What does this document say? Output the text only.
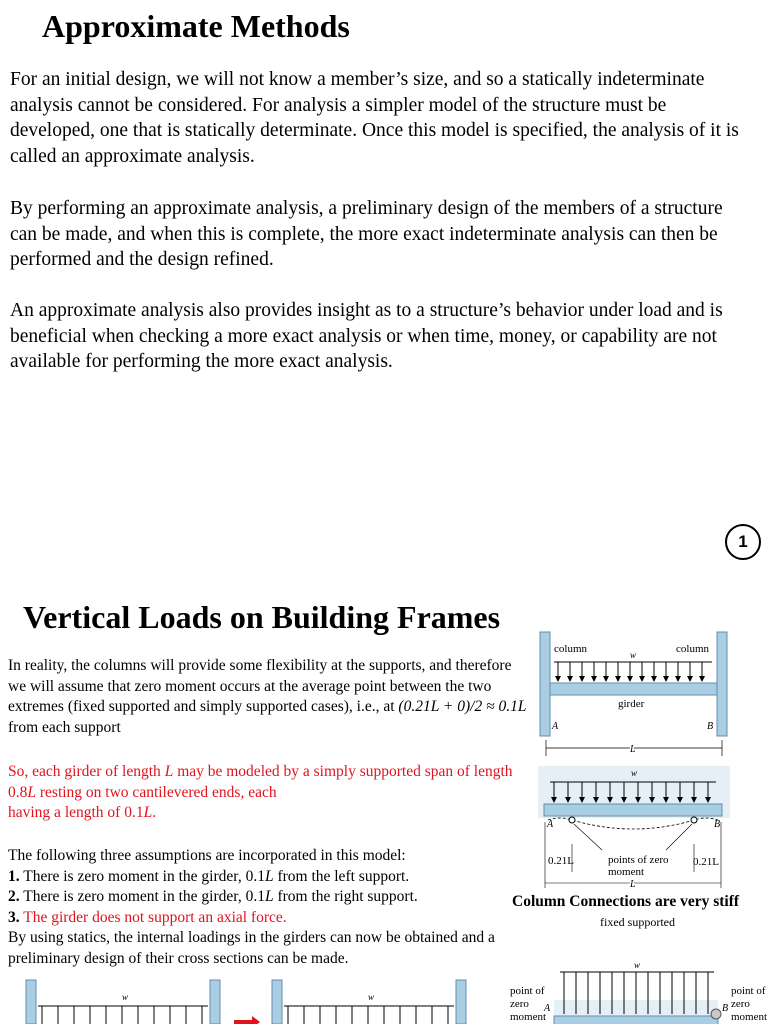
Approximate Methods
For an initial design, we will not know a member’s size, and so a statically indeterminate analysis cannot be considered. For analysis a simpler model of the structure must be developed, one that is statically determinate. Once this model is specified, the analysis of it is called an approximate analysis.
By performing an approximate analysis, a preliminary design of the members of a structure can be made, and when this is complete, the more exact indeterminate analysis can then be performed and the design refined.
An approximate analysis also provides insight as to a structure’s behavior under load and is beneficial when checking a more exact analysis or when time, money, or capability are not available for performing the more exact analysis.
1
Vertical Loads on Building Frames
In reality, the columns will provide some flexibility at the supports, and therefore we will assume that zero moment occurs at the average point between the two extremes (fixed supported and simply supported cases), i.e., at (0.21L + 0)/2 ≈ 0.1L from each support
So, each girder of length L may be modeled by a simply supported span of length 0.8L resting on two cantilevered ends, each
having a length of 0.1L.
The following three assumptions are incorporated in this model:
1. There is zero moment in the girder, 0.1L from the left support.
2. There is zero moment in the girder, 0.1L from the right support.
3. The girder does not support an axial force.
By using statics, the internal loadings in the girders can now be obtained and a preliminary design of their cross sections can be made.
column	column
w
girder
A	B
L
w
A	B
0.21L	0.21L
points of zero
moment
L
Column Connections are very stiff
fixed supported
w
point of
zero
moment
A
point of
zero
moment
B
w	w
